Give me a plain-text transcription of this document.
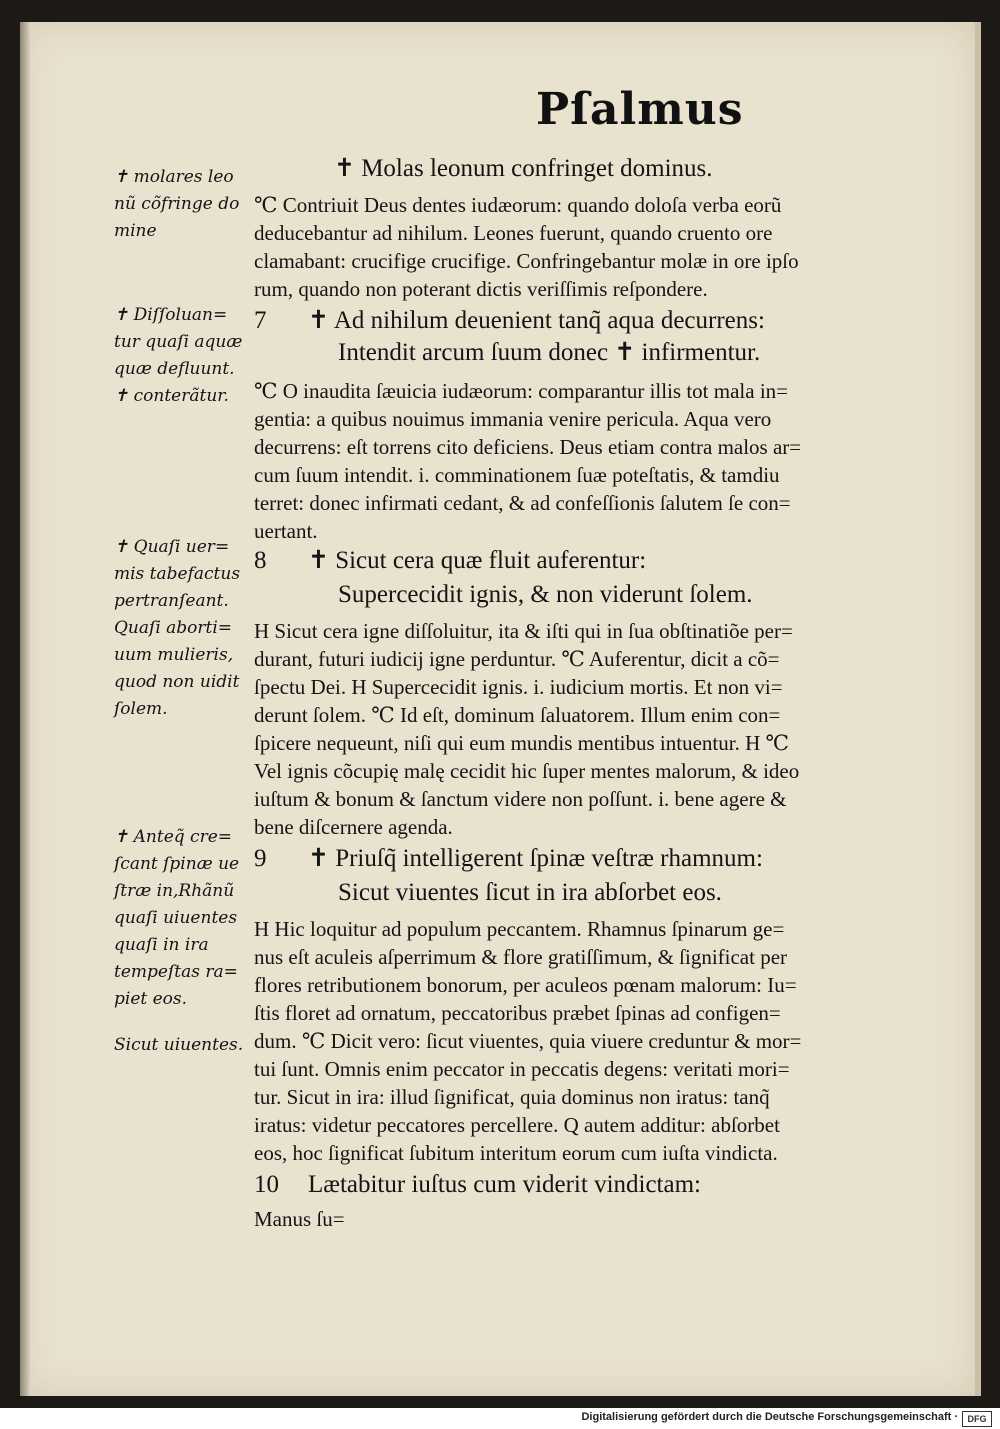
Pſalmus
✝ molares leo
nũ cõfringe do
mine
✝ Diſſoluan=
tur quaſi aquæ
quæ defluunt.
✝ conterãtur.
✝ Quaſi uer=
mis tabefactus
pertranſeant.
Quaſi aborti=
uum mulieris,
quod non uidit
ſolem.
✝ Anteq̃ cre=
ſcant ſpinæ ue
ſtræ in,Rhãnũ
quaſi uiuentes
quaſi in ira
tempeſtas ra=
piet eos.
Sicut uiuentes.
✝ Molas leonum confringet dominus.
℃ Contriuit Deus dentes iudæorum: quando doloſa verba eorũ
deducebantur ad nihilum. Leones fuerunt, quando cruento ore
clamabant: crucifige crucifige. Confringebantur molæ in ore ipſo
rum, quando non poterant dictis veriſſimis reſpondere.
7 ✝ Ad nihilum deuenient tanq̃ aqua decurrens:
Intendit arcum ſuum donec ✝ infirmentur.
℃ O inaudita ſæuicia iudæorum: comparantur illis tot mala in=
gentia: a quibus nouimus immania venire pericula. Aqua vero
decurrens: eſt torrens cito deficiens. Deus etiam contra malos ar=
cum ſuum intendit. i. comminationem ſuæ poteſtatis, & tamdiu
terret: donec infirmati cedant, & ad confeſſionis ſalutem ſe con=
uertant.
8 ✝ Sicut cera quæ fluit auferentur:
Supercecidit ignis, & non viderunt ſolem.
H Sicut cera igne diſſoluitur, ita & iſti qui in ſua obſtinatiõe per=
durant, futuri iudicij igne perduntur. ℃ Auferentur, dicit a cõ=
ſpectu Dei. H Supercecidit ignis. i. iudicium mortis. Et non vi=
derunt ſolem. ℃ Id eſt, dominum ſaluatorem. Illum enim con=
ſpicere nequeunt, niſi qui eum mundis mentibus intuentur. H ℃
Vel ignis cõcupię malę cecidit hic ſuper mentes malorum, & ideo
iuſtum & bonum & ſanctum videre non poſſunt. i. bene agere &
bene diſcernere agenda.
9 ✝ Priuſq̃ intelligerent ſpinæ veſtræ rhamnum:
Sicut viuentes ſicut in ira abſorbet eos.
H Hic loquitur ad populum peccantem. Rhamnus ſpinarum ge=
nus eſt aculeis aſperrimum & flore gratiſſimum, & ſignificat per
flores retributionem bonorum, per aculeos pœnam malorum: Iu=
ſtis floret ad ornatum, peccatoribus præbet ſpinas ad configen=
dum. ℃ Dicit vero: ſicut viuentes, quia viuere creduntur & mor=
tui ſunt. Omnis enim peccator in peccatis degens: veritati mori=
tur. Sicut in ira: illud ſignificat, quia dominus non iratus: tanq̃
iratus: videtur peccatores percellere. Q autem additur: abſorbet
eos, hoc ſignificat ſubitum interitum eorum cum iuſta vindicta.
10 Lætabitur iuſtus cum viderit vindictam:
Manus ſu=
Digitalisierung gefördert durch die Deutsche Forschungsgemeinschaft ·	DFG
